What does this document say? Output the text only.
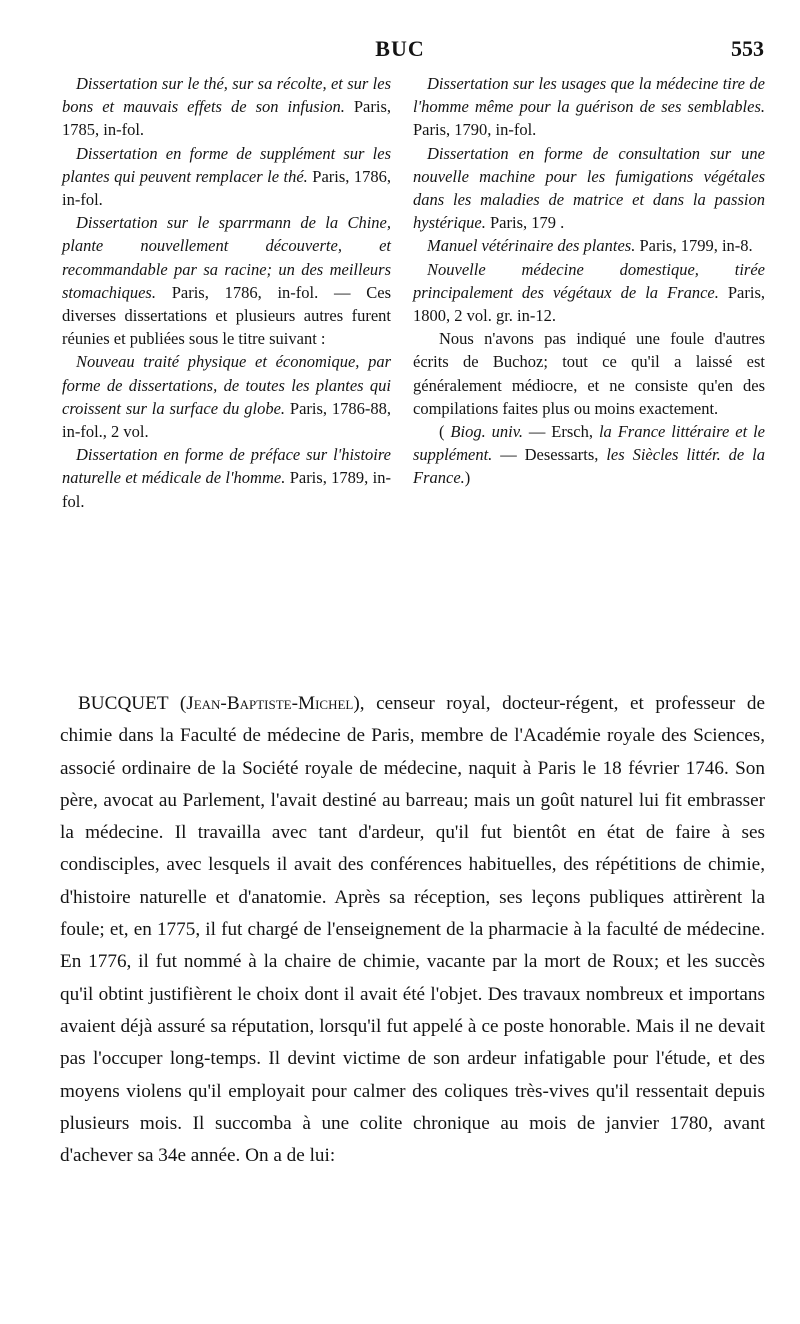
BUC	553

Dissertation sur le thé, sur sa récolte, et sur les bons et mauvais effets de son infusion. Paris, 1785, in-fol.

Dissertation en forme de supplément sur les plantes qui peuvent remplacer le thé. Paris, 1786, in-fol.

Dissertation sur le sparrmann de la Chine, plante nouvellement découverte, et recommandable par sa racine; un des meilleurs stomachiques. Paris, 1786, in-fol. — Ces diverses dissertations et plusieurs autres furent réunies et publiées sous le titre suivant :

Nouveau traité physique et économique, par forme de dissertations, de toutes les plantes qui croissent sur la surface du globe. Paris, 1786-88, in-fol., 2 vol.

Dissertation en forme de préface sur l'histoire naturelle et médicale de l'homme. Paris, 1789, in-fol.

Dissertation sur les usages que la médecine tire de l'homme même pour la guérison de ses semblables. Paris, 1790, in-fol.

Dissertation en forme de consultation sur une nouvelle machine pour les fumigations végétales dans les maladies de matrice et dans la passion hystérique. Paris, 179 .

Manuel vétérinaire des plantes. Paris, 1799, in-8.

Nouvelle médecine domestique, tirée principalement des végétaux de la France. Paris, 1800, 2 vol. gr. in-12.

Nous n'avons pas indiqué une foule d'autres écrits de Buchoz; tout ce qu'il a laissé est généralement médiocre, et ne consiste qu'en des compilations faites plus ou moins exactement.

( Biog. univ. — Ersch, la France littéraire et le supplément. — Desessarts, les Siècles littér. de la France.)

BUCQUET (Jean-Baptiste-Michel), censeur royal, docteur-régent, et professeur de chimie dans la Faculté de médecine de Paris, membre de l'Académie royale des Sciences, associé ordinaire de la Société royale de médecine, naquit à Paris le 18 février 1746. Son père, avocat au Parlement, l'avait destiné au barreau; mais un goût naturel lui fit embrasser la médecine. Il travailla avec tant d'ardeur, qu'il fut bientôt en état de faire à ses condisciples, avec lesquels il avait des conférences habituelles, des répétitions de chimie, d'histoire naturelle et d'anatomie. Après sa réception, ses leçons publiques attirèrent la foule; et, en 1775, il fut chargé de l'enseignement de la pharmacie à la faculté de médecine. En 1776, il fut nommé à la chaire de chimie, vacante par la mort de Roux; et les succès qu'il obtint justifièrent le choix dont il avait été l'objet. Des travaux nombreux et importans avaient déjà assuré sa réputation, lorsqu'il fut appelé à ce poste honorable. Mais il ne devait pas l'occuper long-temps. Il devint victime de son ardeur infatigable pour l'étude, et des moyens violens qu'il employait pour calmer des coliques très-vives qu'il ressentait depuis plusieurs mois. Il succomba à une colite chronique au mois de janvier 1780, avant d'achever sa 34e année. On a de lui:
